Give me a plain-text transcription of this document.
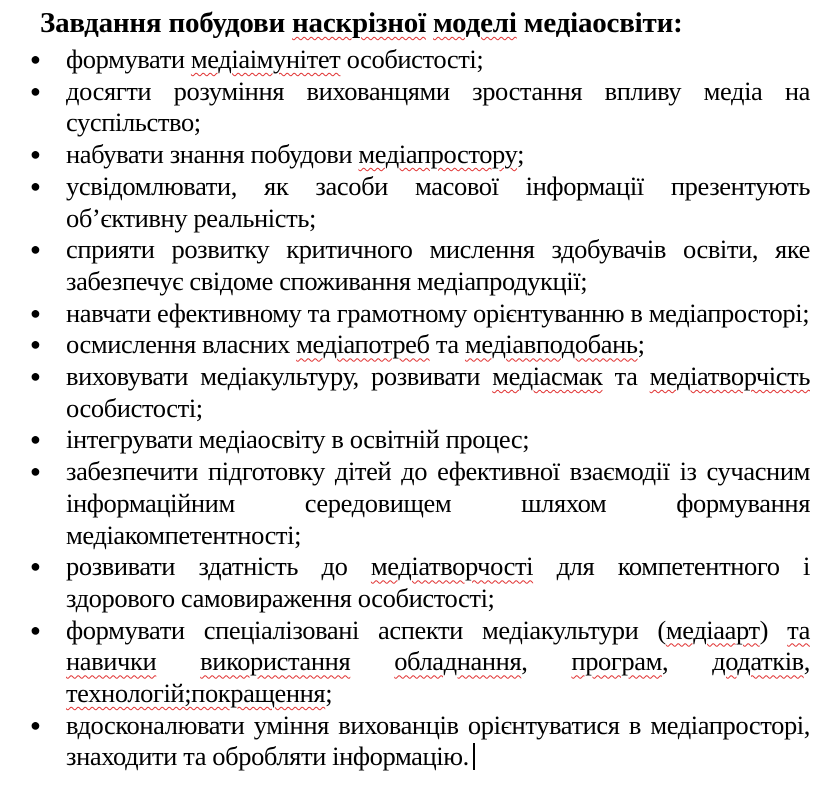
Завдання побудови наскрізної моделі медіаосвіти:
● формувати медіаімунітет особистості;
● досягти розуміння вихованцями зростання впливу медіа на суспільство;
● набувати знання побудови медіапростору;
● усвідомлювати, як засоби масової інформації презентують об’єктивну реальність;
● сприяти розвитку критичного мислення здобувачів освіти, яке забезпечує свідоме споживання медіапродукції;
● навчати ефективному та грамотному орієнтуванню в медіапросторі;
● осмислення власних медіапотреб та медіавподобань;
● виховувати медіакультуру, розвивати медіасмак та медіатворчість особистості;
● інтегрувати медіаосвіту в освітній процес;
● забезпечити підготовку дітей до ефективної взаємодії із сучасним інформаційним середовищем шляхом формування медіакомпетентності;
● розвивати здатність до медіатворчості для компетентного і здорового самовираження особистості;
● формувати спеціалізовані аспекти медіакультури (медіаарт) та навички використання обладнання, програм, додатків, технологій;покращення;
● вдосконалювати уміння вихованців орієнтуватися в медіапросторі, знаходити та обробляти інформацію.
